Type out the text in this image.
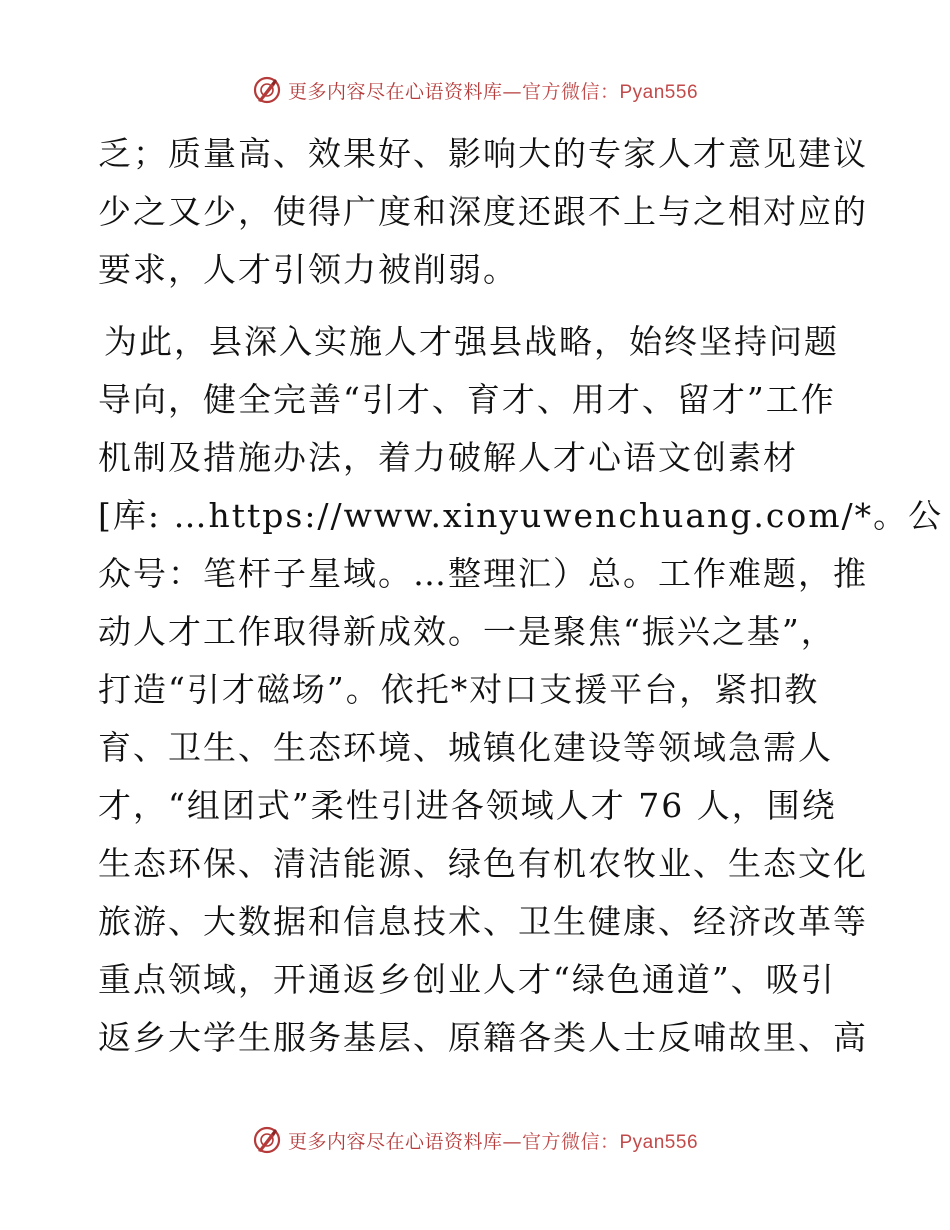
更多内容尽在心语资料库—官方微信：Pyan556
乏；质量高、效果好、影响大的专家人才意见建议
少之又少，使得广度和深度还跟不上与之相对应的
要求，人才引领力被削弱。
为此，县深入实施人才强县战略，始终坚持问题
导向，健全完善“引才、育才、用才、留才”工作
机制及措施办法，着力破解人才心语文创素材
[库: …https://www.xinyuwenchuang.com/*。公
众号：笔杆子星域。…整理汇）总。工作难题，推
动人才工作取得新成效。一是聚焦“振兴之基”，
打造“引才磁场”。依托*对口支援平台，紧扣教
育、卫生、生态环境、城镇化建设等领域急需人
才，“组团式”柔性引进各领域人才 76 人，围绕
生态环保、清洁能源、绿色有机农牧业、生态文化
旅游、大数据和信息技术、卫生健康、经济改革等
重点领域，开通返乡创业人才“绿色通道”、吸引
返乡大学生服务基层、原籍各类人士反哺故里、高
更多内容尽在心语资料库—官方微信：Pyan556
